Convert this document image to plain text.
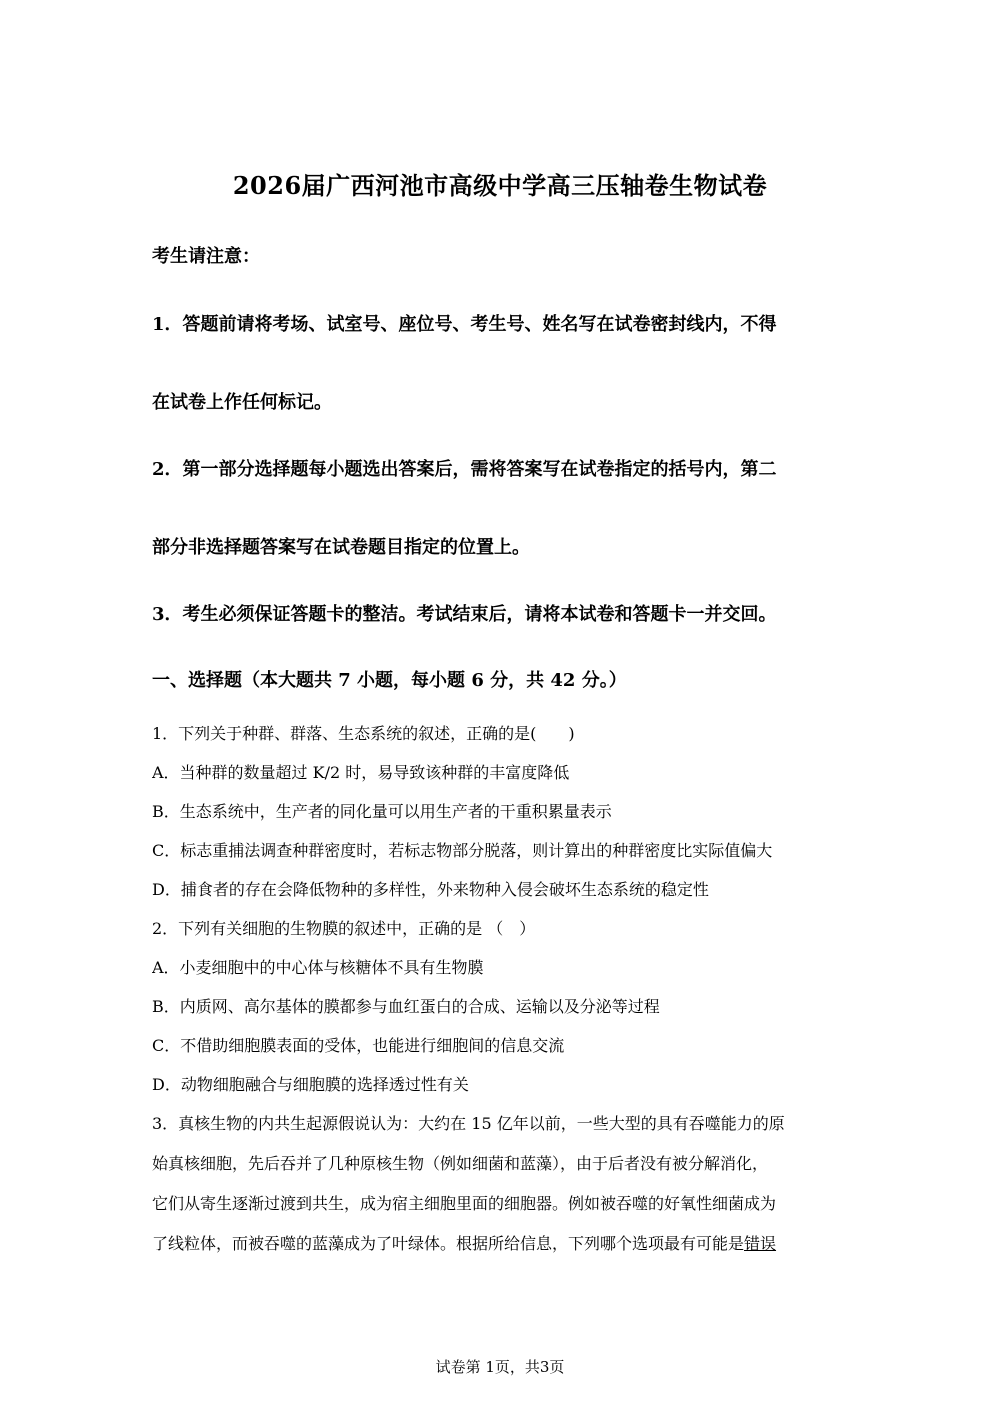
2026届广西河池市高级中学高三压轴卷生物试卷
考生请注意：
1．答题前请将考场、试室号、座位号、考生号、姓名写在试卷密封线内，不得
在试卷上作任何标记。
2．第一部分选择题每小题选出答案后，需将答案写在试卷指定的括号内，第二
部分非选择题答案写在试卷题目指定的位置上。
3．考生必须保证答题卡的整洁。考试结束后，请将本试卷和答题卡一并交回。
一、选择题（本大题共 7 小题，每小题 6 分，共 42 分。）
1．下列关于种群、群落、生态系统的叙述，正确的是(　　)
A．当种群的数量超过 K/2 时，易导致该种群的丰富度降低
B．生态系统中，生产者的同化量可以用生产者的干重积累量表示
C．标志重捕法调查种群密度时，若标志物部分脱落，则计算出的种群密度比实际值偏大
D．捕食者的存在会降低物种的多样性，外来物种入侵会破坏生态系统的稳定性
2．下列有关细胞的生物膜的叙述中，正确的是 （　）
A．小麦细胞中的中心体与核糖体不具有生物膜
B．内质网、高尔基体的膜都参与血红蛋白的合成、运输以及分泌等过程
C．不借助细胞膜表面的受体，也能进行细胞间的信息交流
D．动物细胞融合与细胞膜的选择透过性有关
3．真核生物的内共生起源假说认为：大约在 15 亿年以前，一些大型的具有吞噬能力的原
始真核细胞，先后吞并了几种原核生物（例如细菌和蓝藻），由于后者没有被分解消化，
它们从寄生逐渐过渡到共生，成为宿主细胞里面的细胞器。例如被吞噬的好氧性细菌成为
了线粒体，而被吞噬的蓝藻成为了叶绿体。根据所给信息，下列哪个选项最有可能是错误
试卷第 1页，共3页
